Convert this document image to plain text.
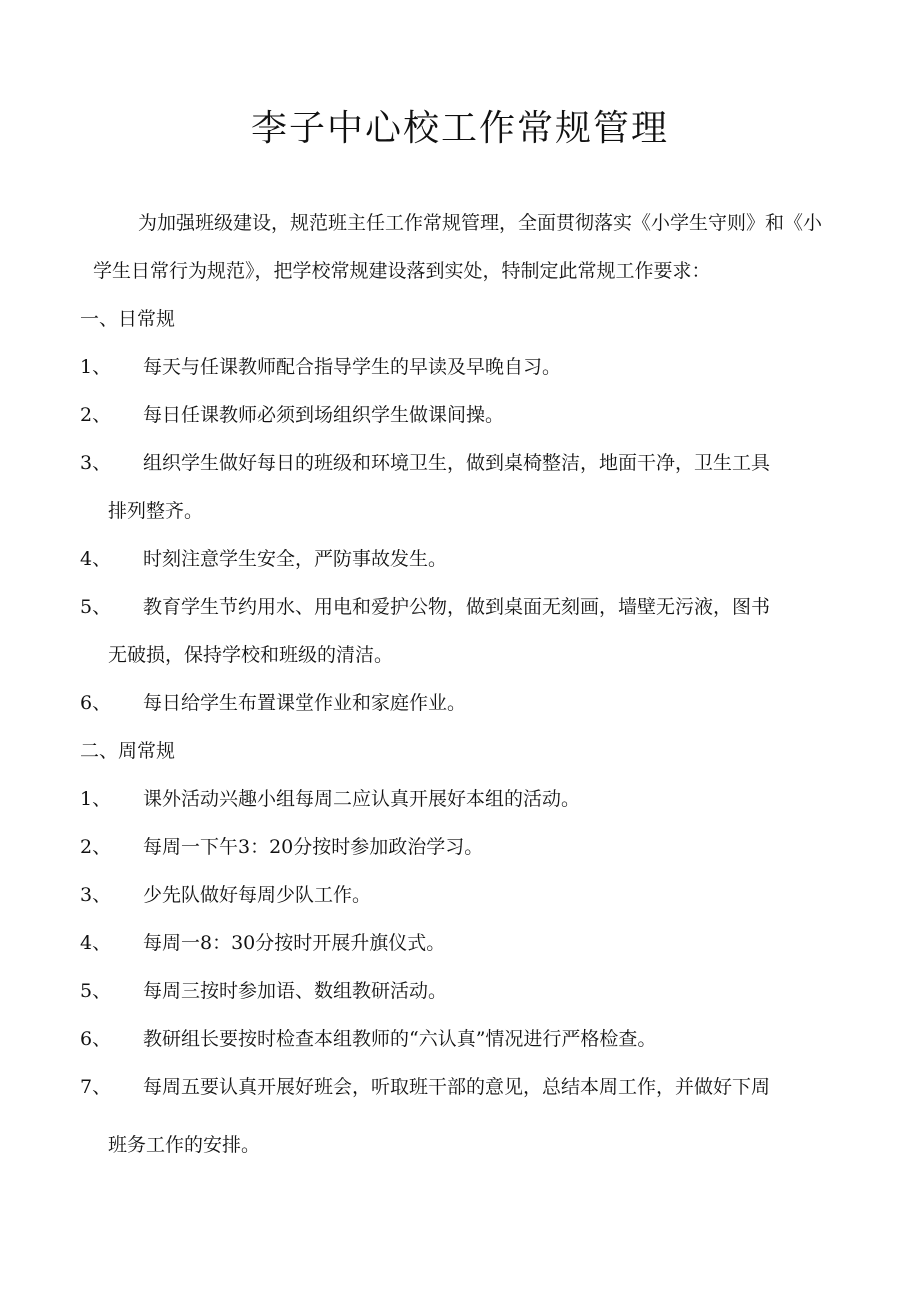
李子中心校工作常规管理
为加强班级建设，规范班主任工作常规管理，全面贯彻落实《小学生守则》和《小
学生日常行为规范》，把学校常规建设落到实处，特制定此常规工作要求：
一、日常规
1、 每天与任课教师配合指导学生的早读及早晚自习。
2、 每日任课教师必须到场组织学生做课间操。
3、 组织学生做好每日的班级和环境卫生，做到桌椅整洁，地面干净，卫生工具
排列整齐。
4、 时刻注意学生安全，严防事故发生。
5、 教育学生节约用水、用电和爱护公物，做到桌面无刻画，墙壁无污液，图书
无破损，保持学校和班级的清洁。
6、 每日给学生布置课堂作业和家庭作业。
二、周常规
1、 课外活动兴趣小组每周二应认真开展好本组的活动。
2、 每周一下午3：20分按时参加政治学习。
3、 少先队做好每周少队工作。
4、 每周一8：30分按时开展升旗仪式。
5、 每周三按时参加语、数组教研活动。
6、 教研组长要按时检查本组教师的“六认真”情况进行严格检查。
7、 每周五要认真开展好班会，听取班干部的意见，总结本周工作，并做好下周
班务工作的安排。
